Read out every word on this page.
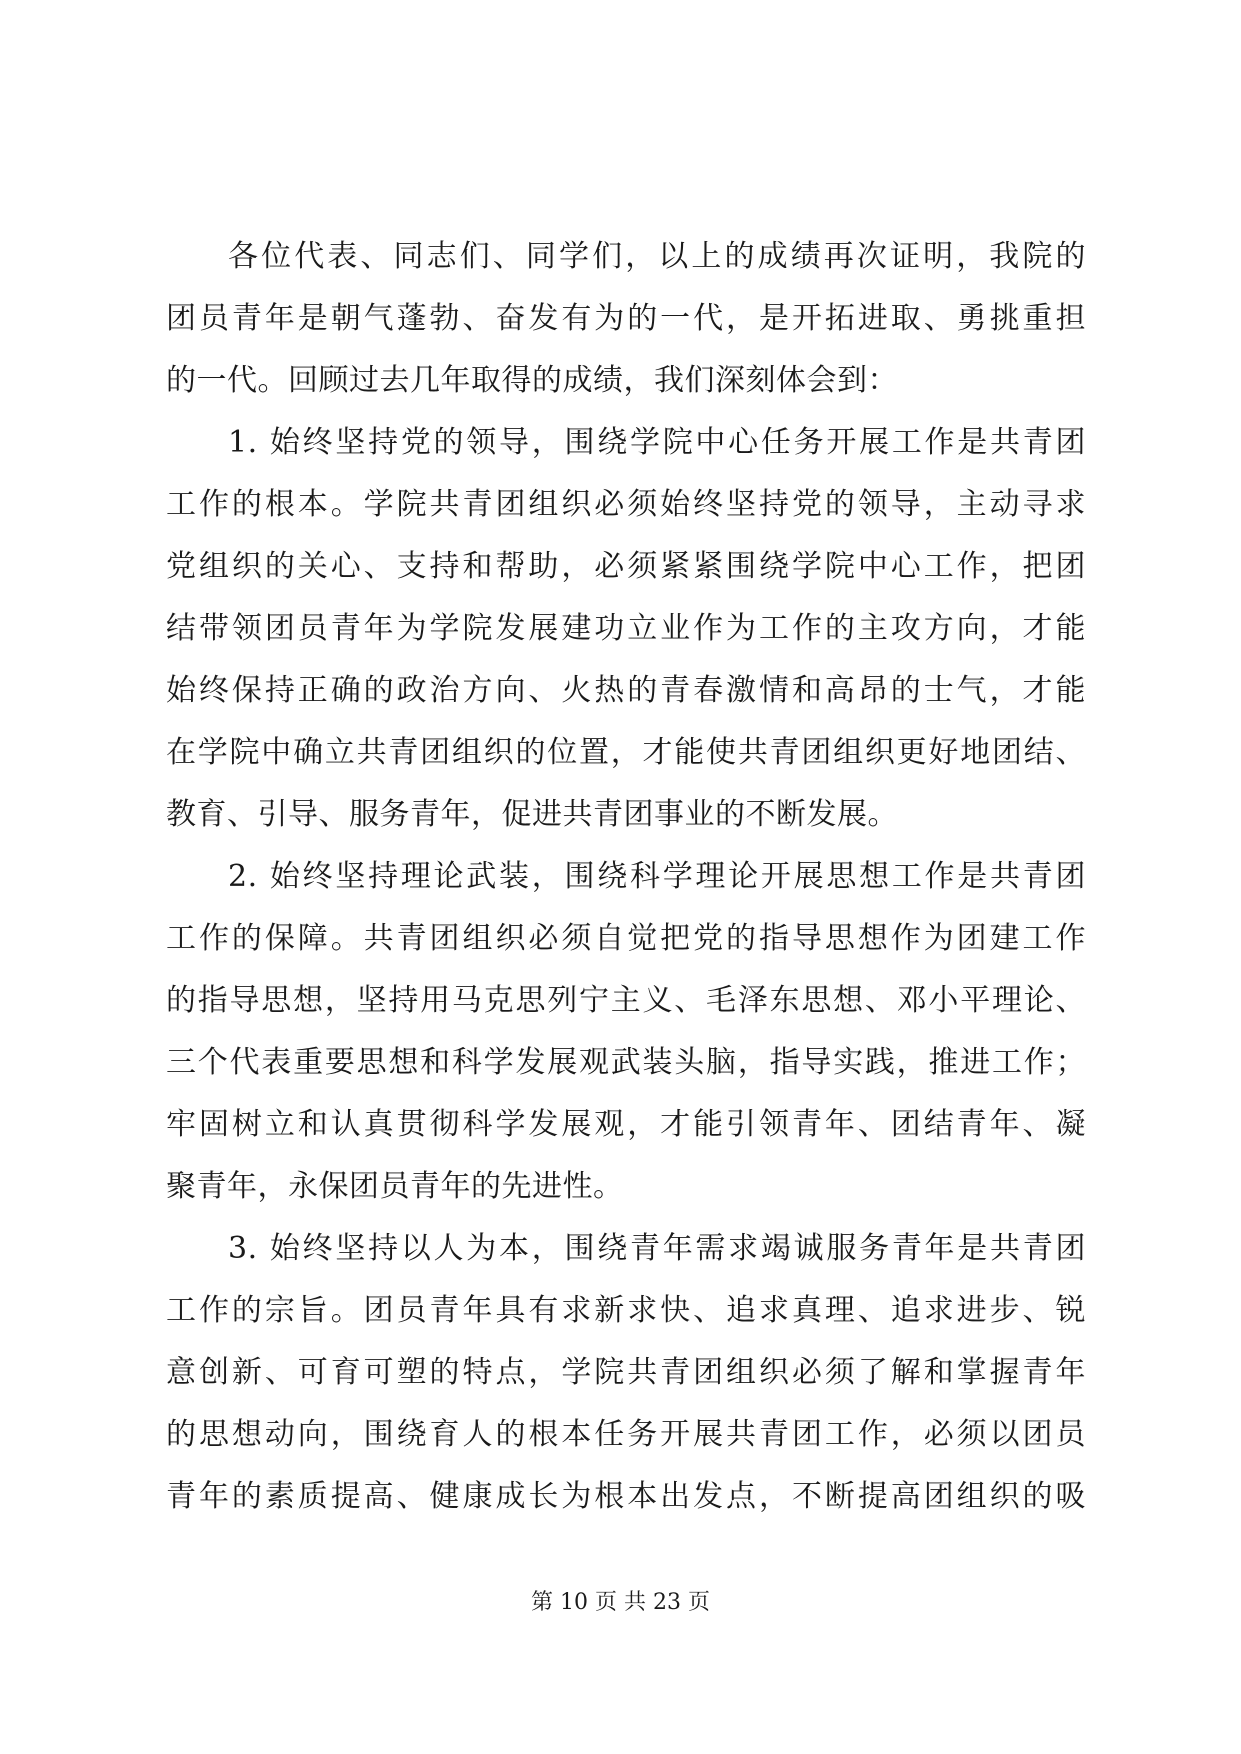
各位代表、同志们、同学们，以上的成绩再次证明，我院的
团员青年是朝气蓬勃、奋发有为的一代，是开拓进取、勇挑重担
的一代。回顾过去几年取得的成绩，我们深刻体会到：
1. 始终坚持党的领导，围绕学院中心任务开展工作是共青团
工作的根本。学院共青团组织必须始终坚持党的领导，主动寻求
党组织的关心、支持和帮助，必须紧紧围绕学院中心工作，把团
结带领团员青年为学院发展建功立业作为工作的主攻方向，才能
始终保持正确的政治方向、火热的青春激情和高昂的士气，才能
在学院中确立共青团组织的位置，才能使共青团组织更好地团结、
教育、引导、服务青年，促进共青团事业的不断发展。
2. 始终坚持理论武装，围绕科学理论开展思想工作是共青团
工作的保障。共青团组织必须自觉把党的指导思想作为团建工作
的指导思想，坚持用马克思列宁主义、毛泽东思想、邓小平理论、
三个代表重要思想和科学发展观武装头脑，指导实践，推进工作；
牢固树立和认真贯彻科学发展观，才能引领青年、团结青年、凝
聚青年，永保团员青年的先进性。
3. 始终坚持以人为本，围绕青年需求竭诚服务青年是共青团
工作的宗旨。团员青年具有求新求快、追求真理、追求进步、锐
意创新、可育可塑的特点，学院共青团组织必须了解和掌握青年
的思想动向，围绕育人的根本任务开展共青团工作，必须以团员
青年的素质提高、健康成长为根本出发点，不断提高团组织的吸
第 10 页 共 23 页
